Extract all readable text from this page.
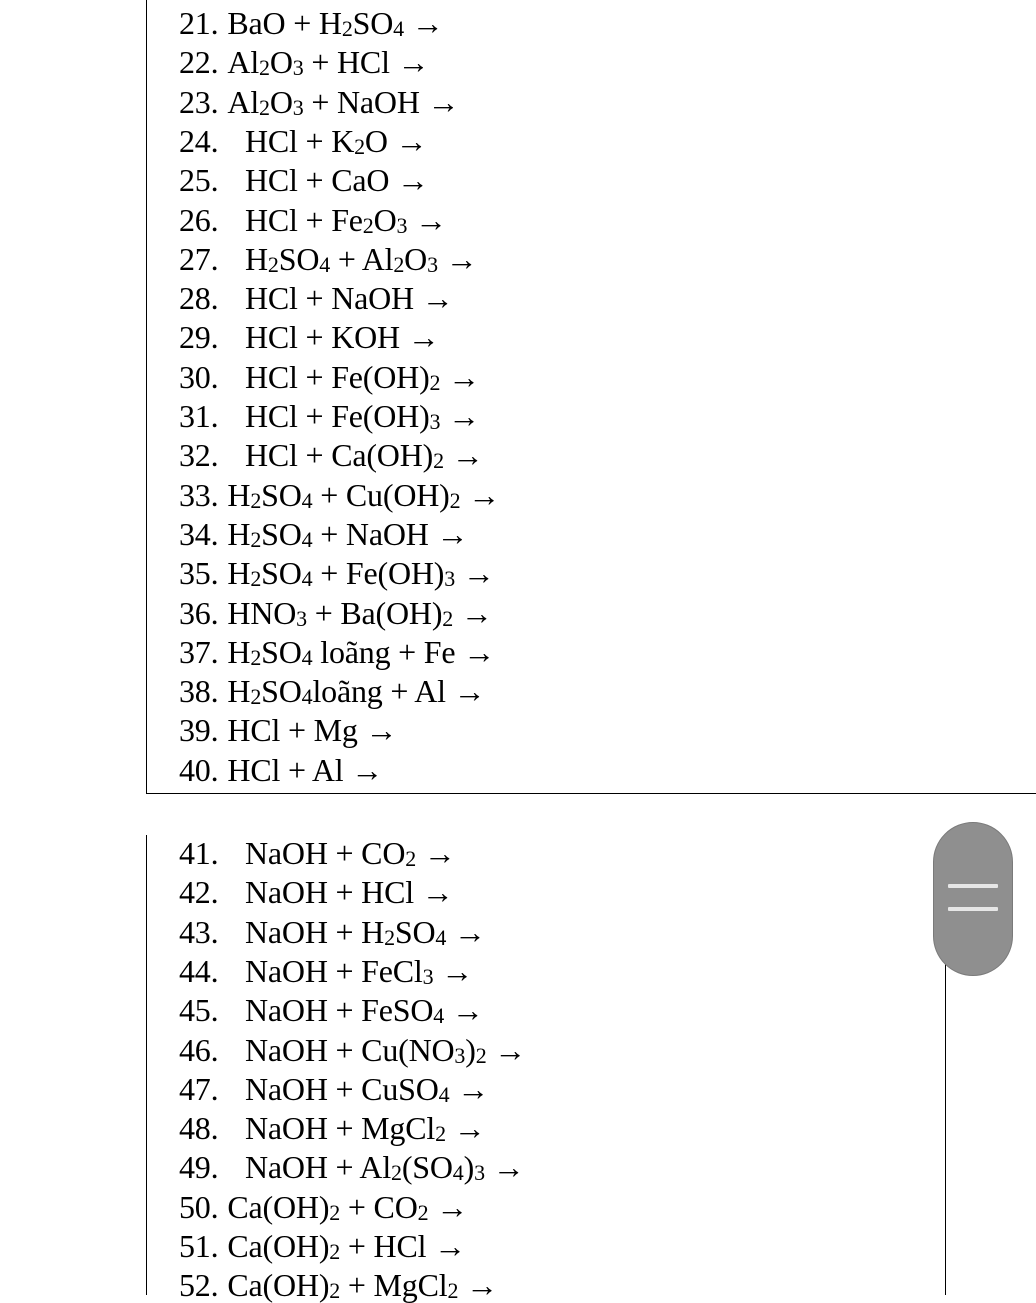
21. BaO + $H_2SO_4$ →
22. $Al_2O_3$ + HCl →
23. $Al_2O_3$ + NaOH →
24. HCl + $K_2O$ →
25. HCl + CaO →
26. HCl + $Fe_2O_3$ →
27. $H_2SO_4 + Al_2O_3$ →
28. HCl + NaOH →
29. HCl + KOH →
30. HCl + $Fe(OH)_2$ →
31. HCl + $Fe(OH)_3$ →
32. HCl + $Ca(OH)_2$ →
33. $H_2SO_4 + Cu(OH)_2$ →
34. $H_2SO_4$ + NaOH →
35. $H_2SO_4 + Fe(OH)_3$ →
36. $HNO_3 + Ba(OH)_2$ →
37. $H_2SO_4$ loãng + Fe →
38. $H_2SO_4loãng + Al$ →
39. HCl + Mg →
40. HCl + Al →
41. NaOH + $CO_2$ →
42. NaOH + HCl →
43. NaOH + $H_2SO_4$ →
44. NaOH + FeCl$_3$ →
45. NaOH + FeSO$_4$ →
46. NaOH + $Cu(NO_3)_2$ →
47. NaOH + CuSO$_4$ →
48. NaOH + MgCl$_2$ →
49. NaOH + $Al_2(SO_4)_3$ →
50. $Ca(OH)_2 + CO_2$ →
51. $Ca(OH)_2$ + HCl →
52. $Ca(OH)_2$ + MgCl$_2$ →
